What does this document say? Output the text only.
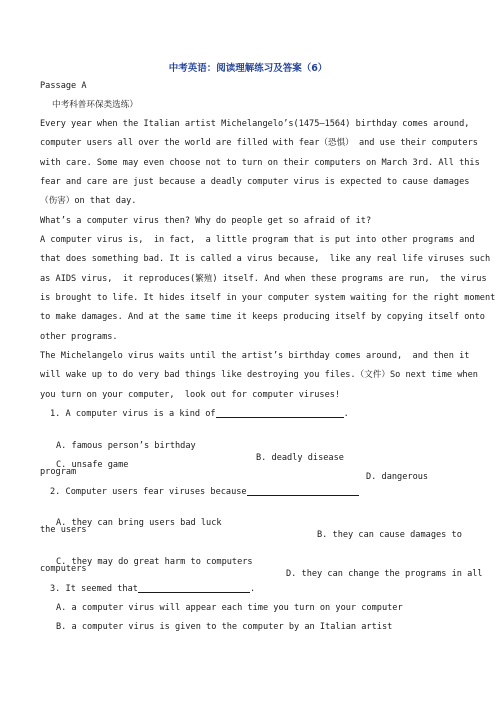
中考英语：阅读理解练习及答案（6）
Passage A
中考科普环保类选练）
Every year when the Italian artist Michelangelo’s(1475—1564) birthday comes around,
computer users all over the world are filled with fear（恐惧） and use their computers
with care. Some may even choose not to turn on their computers on March 3rd. All this
fear and care are just because a deadly computer virus is expected to cause damages
（伤害）on that day.
What’s a computer virus then? Why do people get so afraid of it?
A computer virus is,  in fact,  a little program that is put into other programs and
that does something bad. It is called a virus because,  like any real life viruses such
as AIDS virus,  it reproduces(繁殖) itself. And when these programs are run,  the virus
is brought to life. It hides itself in your computer system waiting for the right moment
to make damages. And at the same time it keeps producing itself by copying itself onto
other programs.
The Michelangelo virus waits until the artist’s birthday comes around,  and then it
will wake up to do very bad things like destroying you files.（文件）So next time when
you turn on your computer,  look out for computer viruses!
1. A computer virus is a kind of	.

A. famous person’s birthday

B. deadly disease

C. unsafe game

D. dangerous

program
2. Computer users fear viruses because

A. they can bring users bad luck

B. they can cause damages to

the users

C. they may do great harm to computers

D. they can change the programs in all

computers
3. It seemed that	.
A. a computer virus will appear each time you turn on your computer
B. a computer virus is given to the computer by an Italian artist
